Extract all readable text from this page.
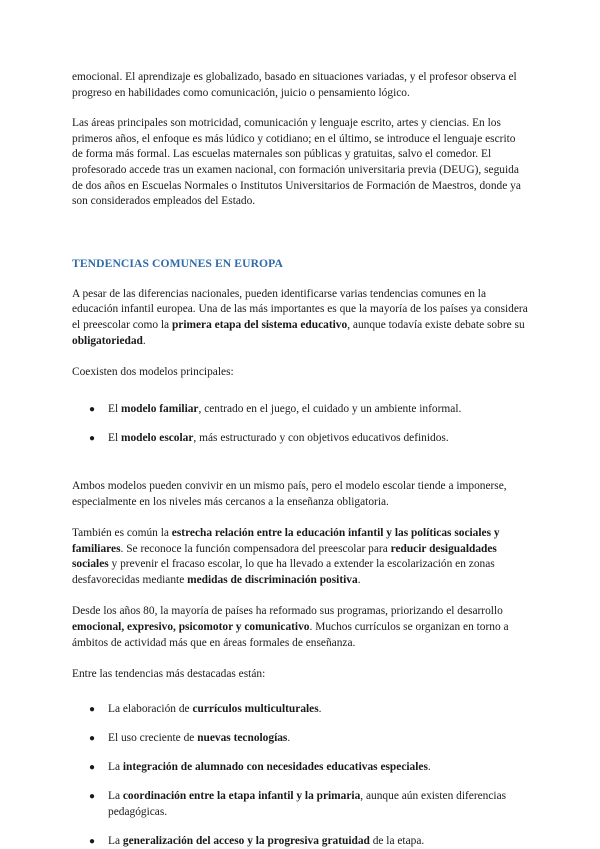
emocional. El aprendizaje es globalizado, basado en situaciones variadas, y el profesor observa el progreso en habilidades como comunicación, juicio o pensamiento lógico.

Las áreas principales son motricidad, comunicación y lenguaje escrito, artes y ciencias. En los primeros años, el enfoque es más lúdico y cotidiano; en el último, se introduce el lenguaje escrito de forma más formal. Las escuelas maternales son públicas y gratuitas, salvo el comedor. El profesorado accede tras un examen nacional, con formación universitaria previa (DEUG), seguida de dos años en Escuelas Normales o Institutos Universitarios de Formación de Maestros, donde ya son considerados empleados del Estado.

TENDENCIAS COMUNES EN EUROPA

A pesar de las diferencias nacionales, pueden identificarse varias tendencias comunes en la educación infantil europea. Una de las más importantes es que la mayoría de los países ya considera el preescolar como la primera etapa del sistema educativo, aunque todavía existe debate sobre su obligatoriedad.

Coexisten dos modelos principales:

● El modelo familiar, centrado en el juego, el cuidado y un ambiente informal.
● El modelo escolar, más estructurado y con objetivos educativos definidos.

Ambos modelos pueden convivir en un mismo país, pero el modelo escolar tiende a imponerse, especialmente en los niveles más cercanos a la enseñanza obligatoria.

También es común la estrecha relación entre la educación infantil y las políticas sociales y familiares. Se reconoce la función compensadora del preescolar para reducir desigualdades sociales y prevenir el fracaso escolar, lo que ha llevado a extender la escolarización en zonas desfavorecidas mediante medidas de discriminación positiva.

Desde los años 80, la mayoría de países ha reformado sus programas, priorizando el desarrollo emocional, expresivo, psicomotor y comunicativo. Muchos currículos se organizan en torno a ámbitos de actividad más que en áreas formales de enseñanza.

Entre las tendencias más destacadas están:

● La elaboración de currículos multiculturales.
● El uso creciente de nuevas tecnologías.
● La integración de alumnado con necesidades educativas especiales.
● La coordinación entre la etapa infantil y la primaria, aunque aún existen diferencias pedagógicas.
● La generalización del acceso y la progresiva gratuidad de la etapa.
